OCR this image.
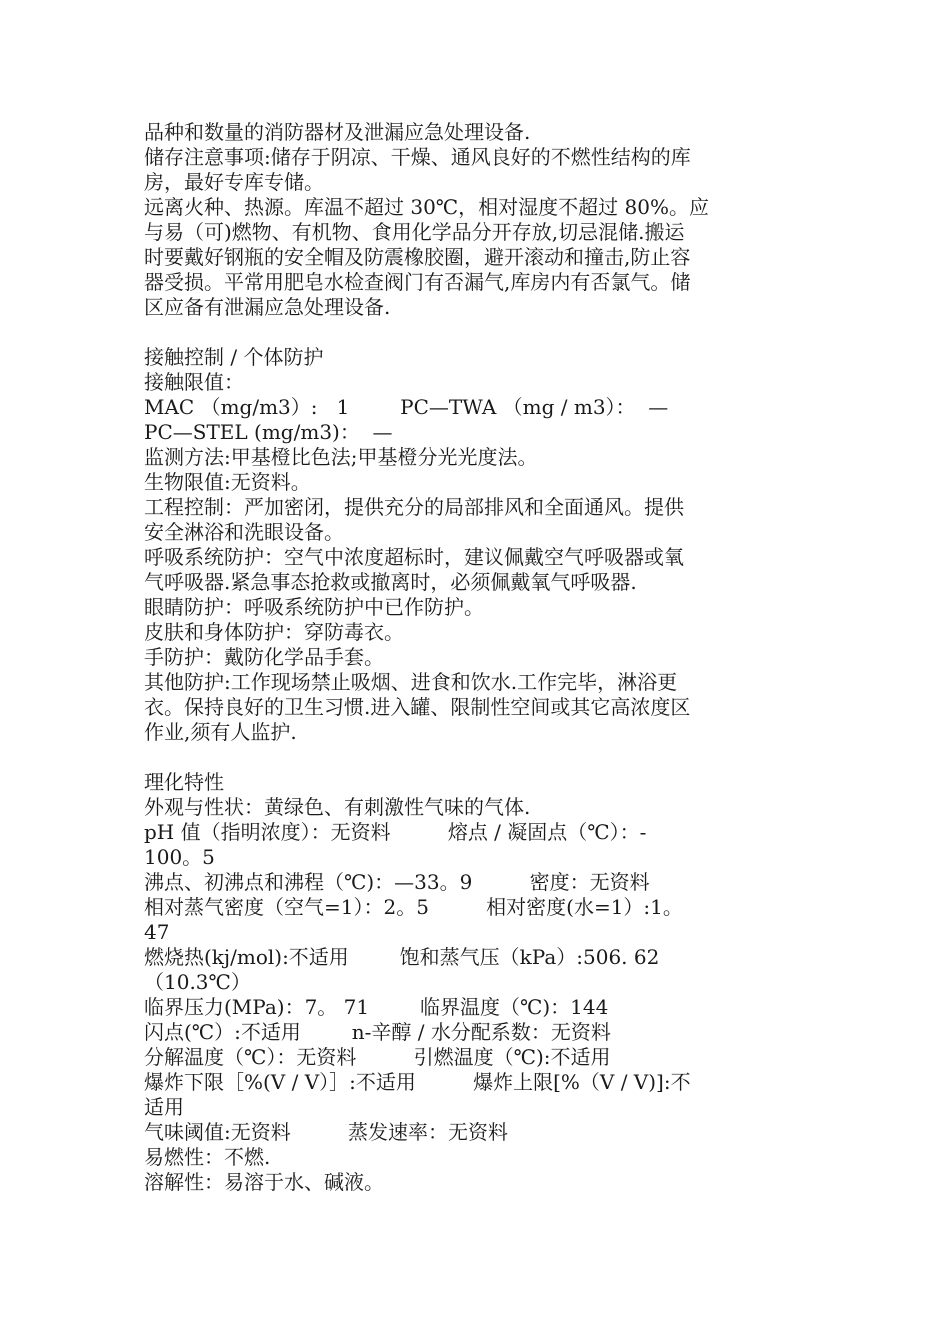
品种和数量的消防器材及泄漏应急处理设备.
储存注意事项:储存于阴凉、干燥、通风良好的不燃性结构的库
房，最好专库专储。
远离火种、热源。库温不超过 30℃，相对湿度不超过 80%。应
与易（可)燃物、有机物、食用化学品分开存放,切忌混储.搬运
时要戴好钢瓶的安全帽及防震橡胶圈，避开滚动和撞击,防止容
器受损。平常用肥皂水检查阀门有否漏气,库房内有否氯气。储
区应备有泄漏应急处理设备.
接触控制 / 个体防护
接触限值：
MAC （mg/m3）:   1        PC—TWA （mg / m3）：  —
PC—STEL (mg/m3)：  —
监测方法:甲基橙比色法;甲基橙分光光度法。
生物限值:无资料。
工程控制：严加密闭，提供充分的局部排风和全面通风。提供
安全淋浴和洗眼设备。
呼吸系统防护：空气中浓度超标时，建议佩戴空气呼吸器或氧
气呼吸器.紧急事态抢救或撤离时，必须佩戴氧气呼吸器.
眼睛防护：呼吸系统防护中已作防护。
皮肤和身体防护：穿防毒衣。
手防护：戴防化学品手套。
其他防护:工作现场禁止吸烟、进食和饮水.工作完毕，淋浴更
衣。保持良好的卫生习惯.进入罐、限制性空间或其它高浓度区
作业,须有人监护.
理化特性
外观与性状：黄绿色、有刺激性气味的气体.
pH 值（指明浓度）：无资料         熔点 / 凝固点（℃）：-
100。5
沸点、初沸点和沸程（℃)：—33。9         密度：无资料
相对蒸气密度（空气=1）：2。5         相对密度(水=1）:1。
47
燃烧热(kj/mol):不适用        饱和蒸气压（kPa）:506. 62
（10.3℃）
临界压力(MPa)：7。 71        临界温度（℃)：144
闪点(℃）:不适用        n-辛醇 / 水分配系数：无资料
分解温度（℃）：无资料         引燃温度（℃):不适用
爆炸下限［%(V / V）］:不适用         爆炸上限[%（V / V)]:不
适用
气味阈值:无资料         蒸发速率：无资料
易燃性：不燃.
溶解性：易溶于水、碱液。
